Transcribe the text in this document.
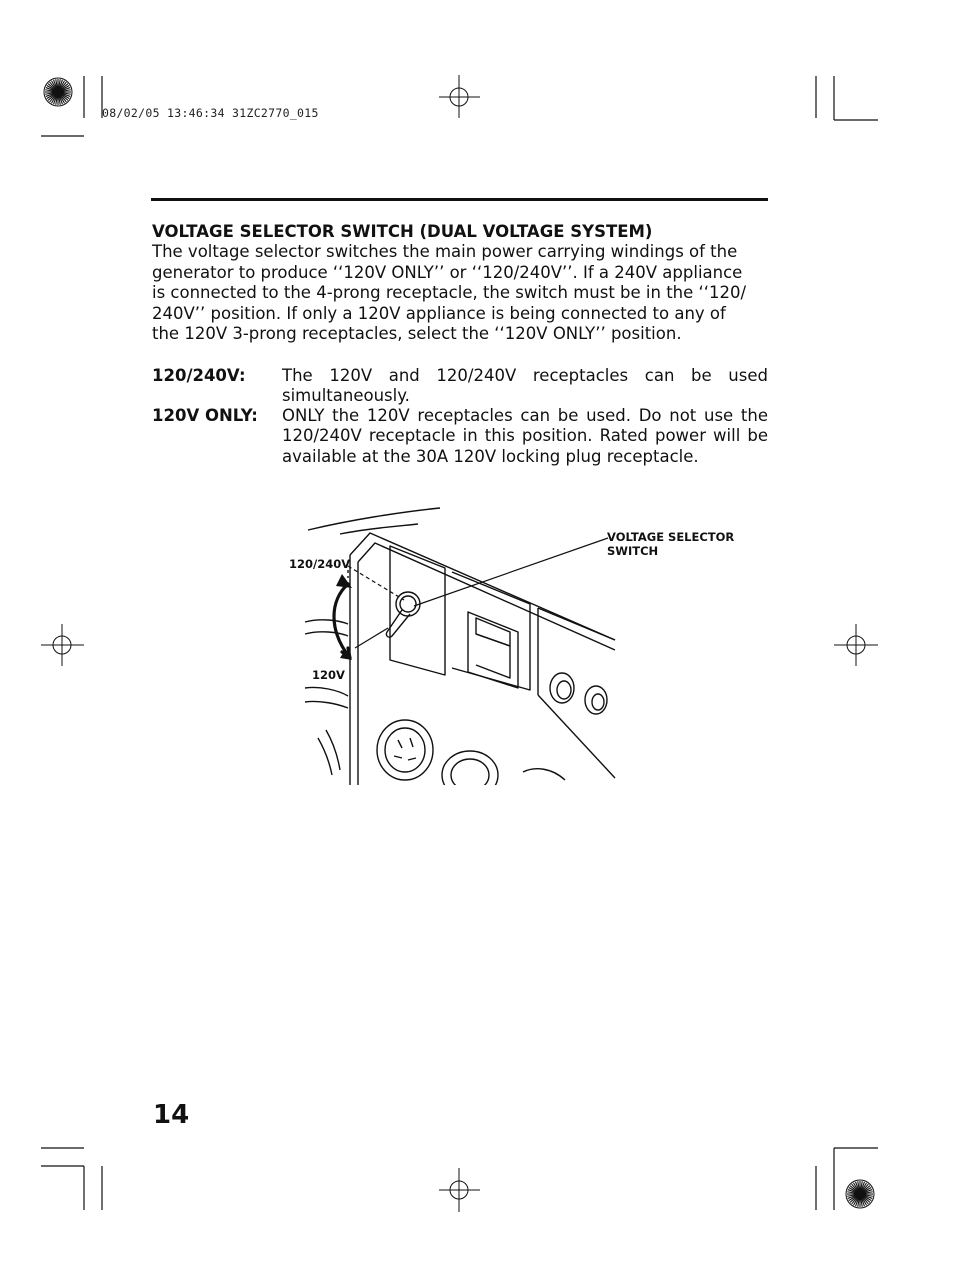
08/02/05 13:46:34 31ZC2770_015
VOLTAGE SELECTOR SWITCH (DUAL VOLTAGE SYSTEM)
The voltage selector switches the main power carrying windings of the
generator to produce ‘‘120V ONLY’’ or ‘‘120/240V’’. If a 240V appliance
is connected to the 4-prong receptacle, the switch must be in the ‘‘120/
240V’’ position. If only a 120V appliance is being connected to any of
the 120V 3-prong receptacles, select the ‘‘120V ONLY’’ position.
120/240V: The 120V and 120/240V receptacles can be used simultaneously.
120V ONLY: ONLY the 120V receptacles can be used. Do not use the 120/240V receptacle in this position. Rated power will be available at the 30A 120V locking plug receptacle.
VOLTAGE SELECTOR
SWITCH
120/240V
120V
14
